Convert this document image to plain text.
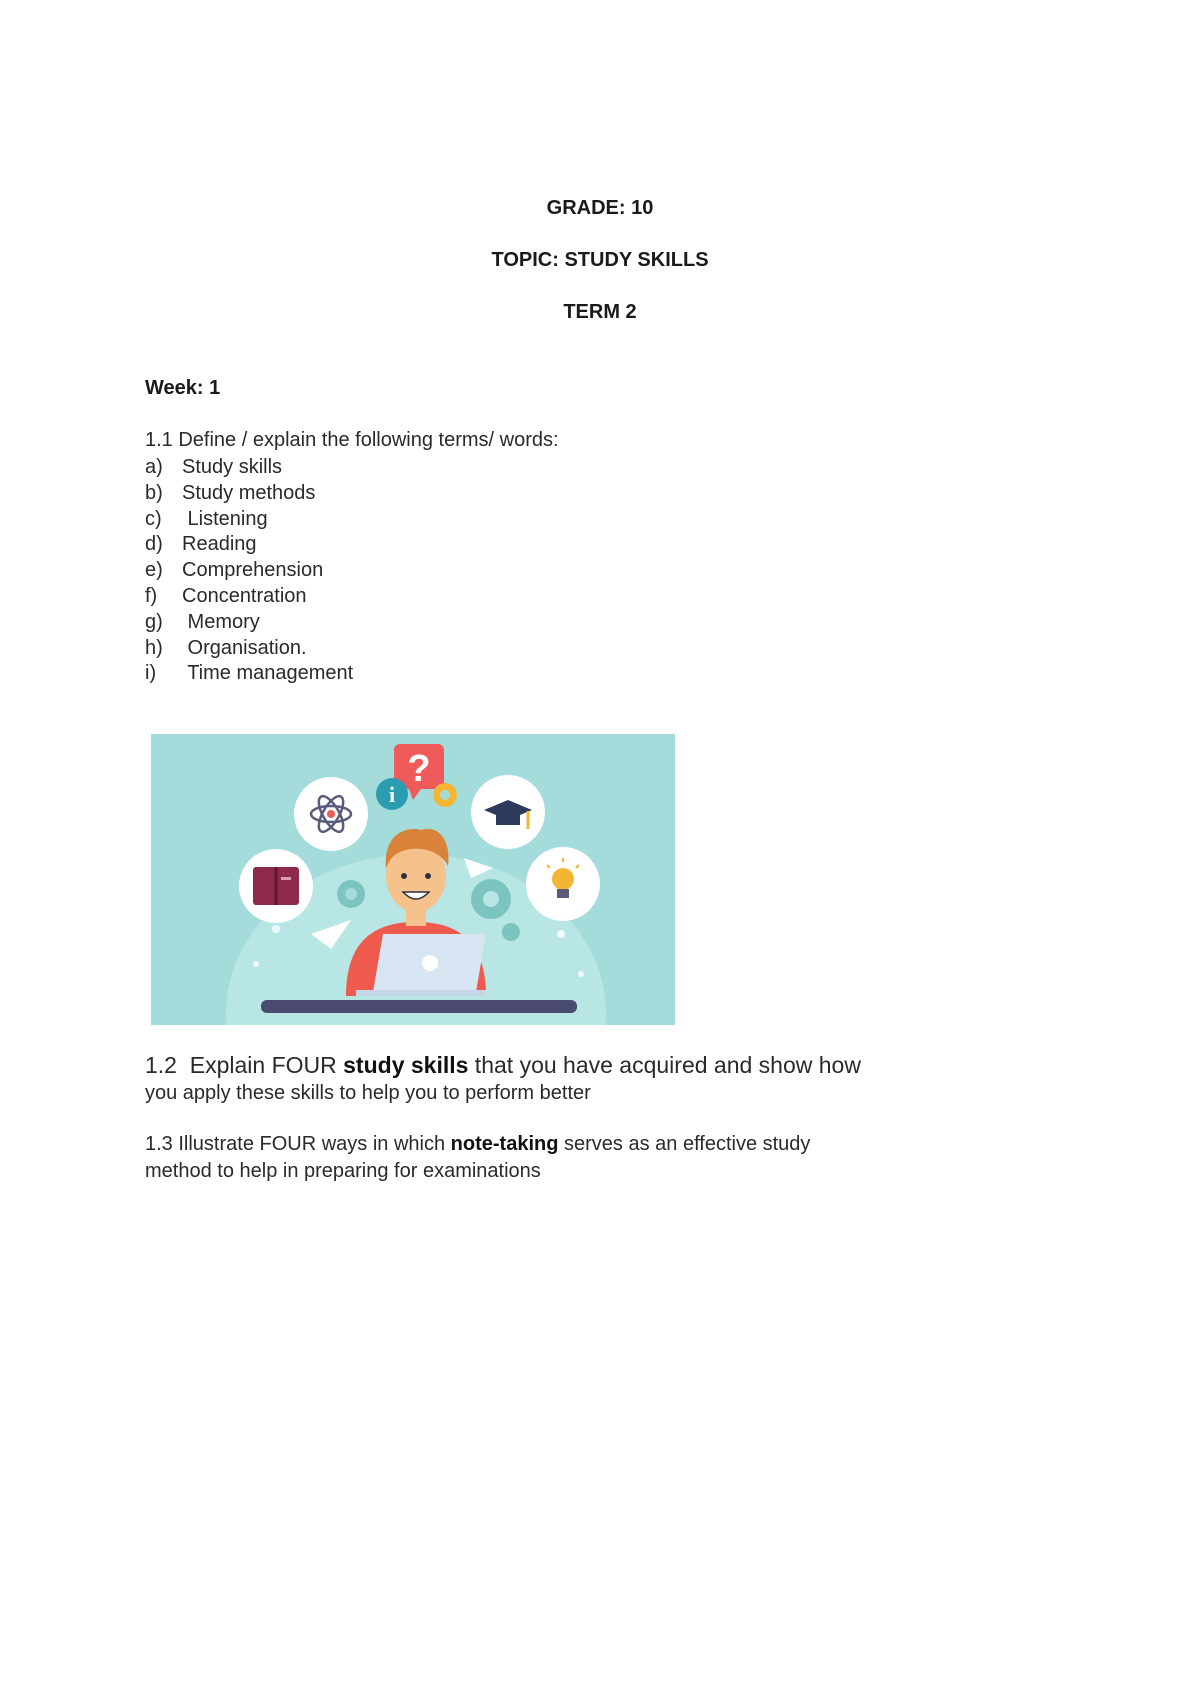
GRADE: 10
TOPIC: STUDY SKILLS
TERM 2
Week: 1
1.1 Define / explain the following terms/ words:
a) Study skills
b) Study methods
c) Listening
d) Reading
e) Comprehension
f) Concentration
g) Memory
h) Organisation.
i) Time management
?
i
1.2  Explain FOUR study skills that you have acquired and show how
you apply these skills to help you to perform better
1.3 Illustrate FOUR ways in which note-taking serves as an effective study
method to help in preparing for examinations
